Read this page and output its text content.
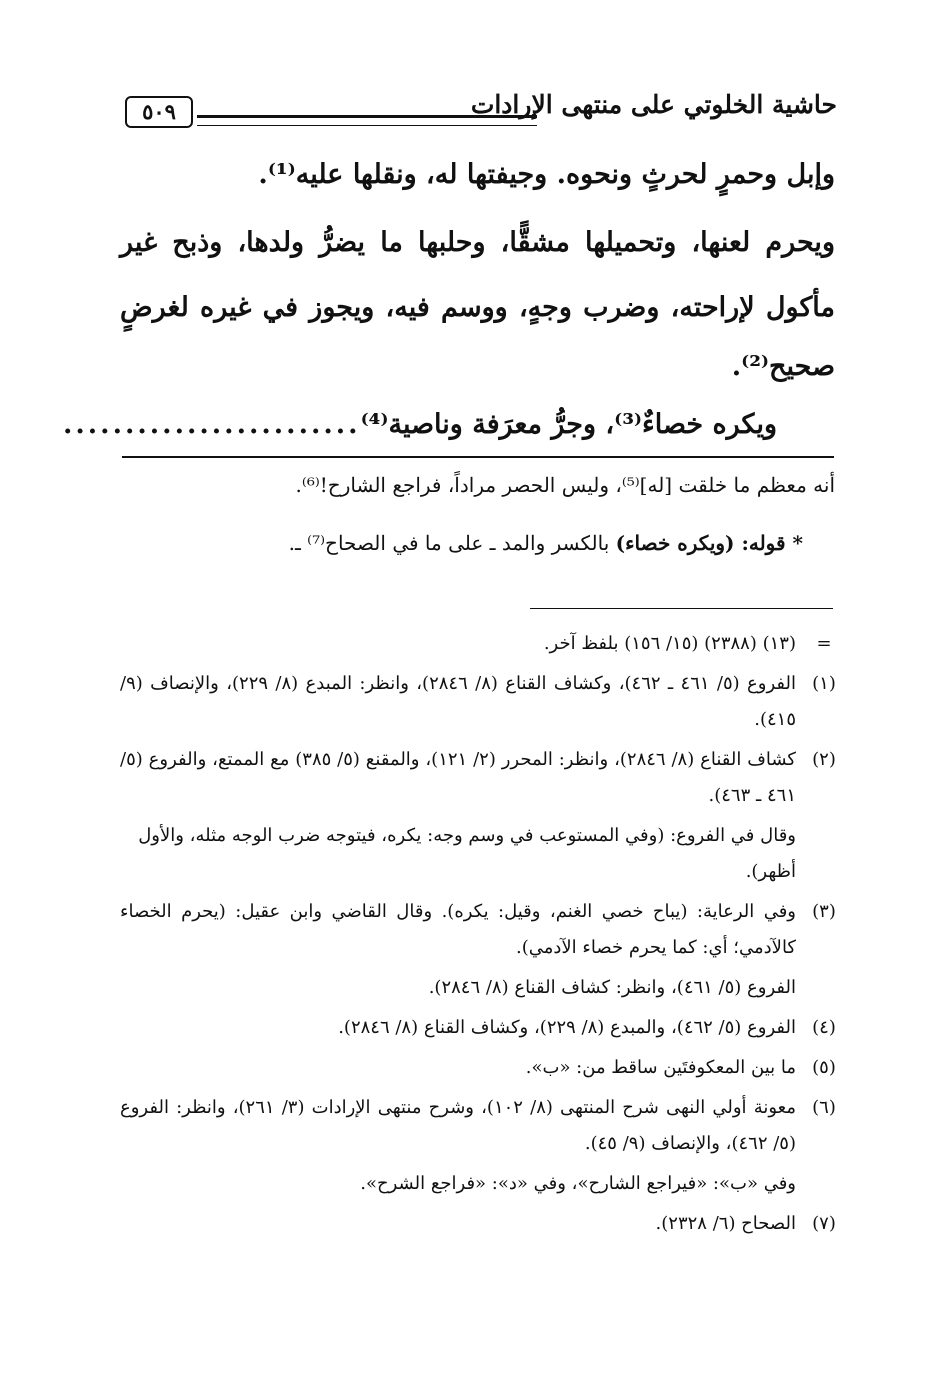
حاشية الخلوتي على منتهى الإرادات
٥٠٩
وإبل وحمرٍ لحرثٍ ونحوه. وجيفتها له، ونقلها عليه⁽¹⁾.
ويحرم لعنها، وتحميلها مشقًّا، وحلبها ما يضرُّ ولدها، وذبح غير
مأكول لإراحته، وضرب وجهٍ، ووسم فيه، ويجوز في غيره لغرضٍ
صحيح⁽²⁾.
ويكره خصاءٌ⁽³⁾، وجرُّ معرَفة وناصية⁽⁴⁾
........................
أنه معظم ما خلقت [له]⁽⁵⁾، وليس الحصر مراداً، فراجع الشارح!⁽⁶⁾.
* قوله: (ويكره خصاء) بالكسر والمد ـ على ما في الصحاح⁽⁷⁾ ـ.
=
(١٣) (٢٣٨٨) (١٥/ ١٥٦) بلفظ آخر.
(١)
الفروع (٥/ ٤٦١ ـ ٤٦٢)، وكشاف القناع (٨/ ٢٨٤٦)، وانظر: المبدع (٨/ ٢٢٩)، والإنصاف (٩/ ٤١٥).
(٢)
كشاف القناع (٨/ ٢٨٤٦)، وانظر: المحرر (٢/ ١٢١)، والمقنع (٥/ ٣٨٥) مع الممتع، والفروع (٥/ ٤٦١ ـ ٤٦٣).
وقال في الفروع: (وفي المستوعب في وسم وجه: يكره، فيتوجه ضرب الوجه مثله، والأول أظهر).
(٣)
وفي الرعاية: (يباح خصي الغنم، وقيل: يكره). وقال القاضي وابن عقيل: (يحرم الخصاء كالآدمي؛ أي: كما يحرم خصاء الآدمي).
الفروع (٥/ ٤٦١)، وانظر: كشاف القناع (٨/ ٢٨٤٦).
(٤)
الفروع (٥/ ٤٦٢)، والمبدع (٨/ ٢٢٩)، وكشاف القناع (٨/ ٢٨٤٦).
(٥)
ما بين المعكوفتَين ساقط من: «ب».
(٦)
معونة أولي النهى شرح المنتهى (٨/ ١٠٢)، وشرح منتهى الإرادات (٣/ ٢٦١)، وانظر: الفروع (٥/ ٤٦٢)، والإنصاف (٩/ ٤٥).
وفي «ب»: «فيراجع الشارح»، وفي «د»: «فراجع الشرح».
(٧)
الصحاح (٦/ ٢٣٢٨).
